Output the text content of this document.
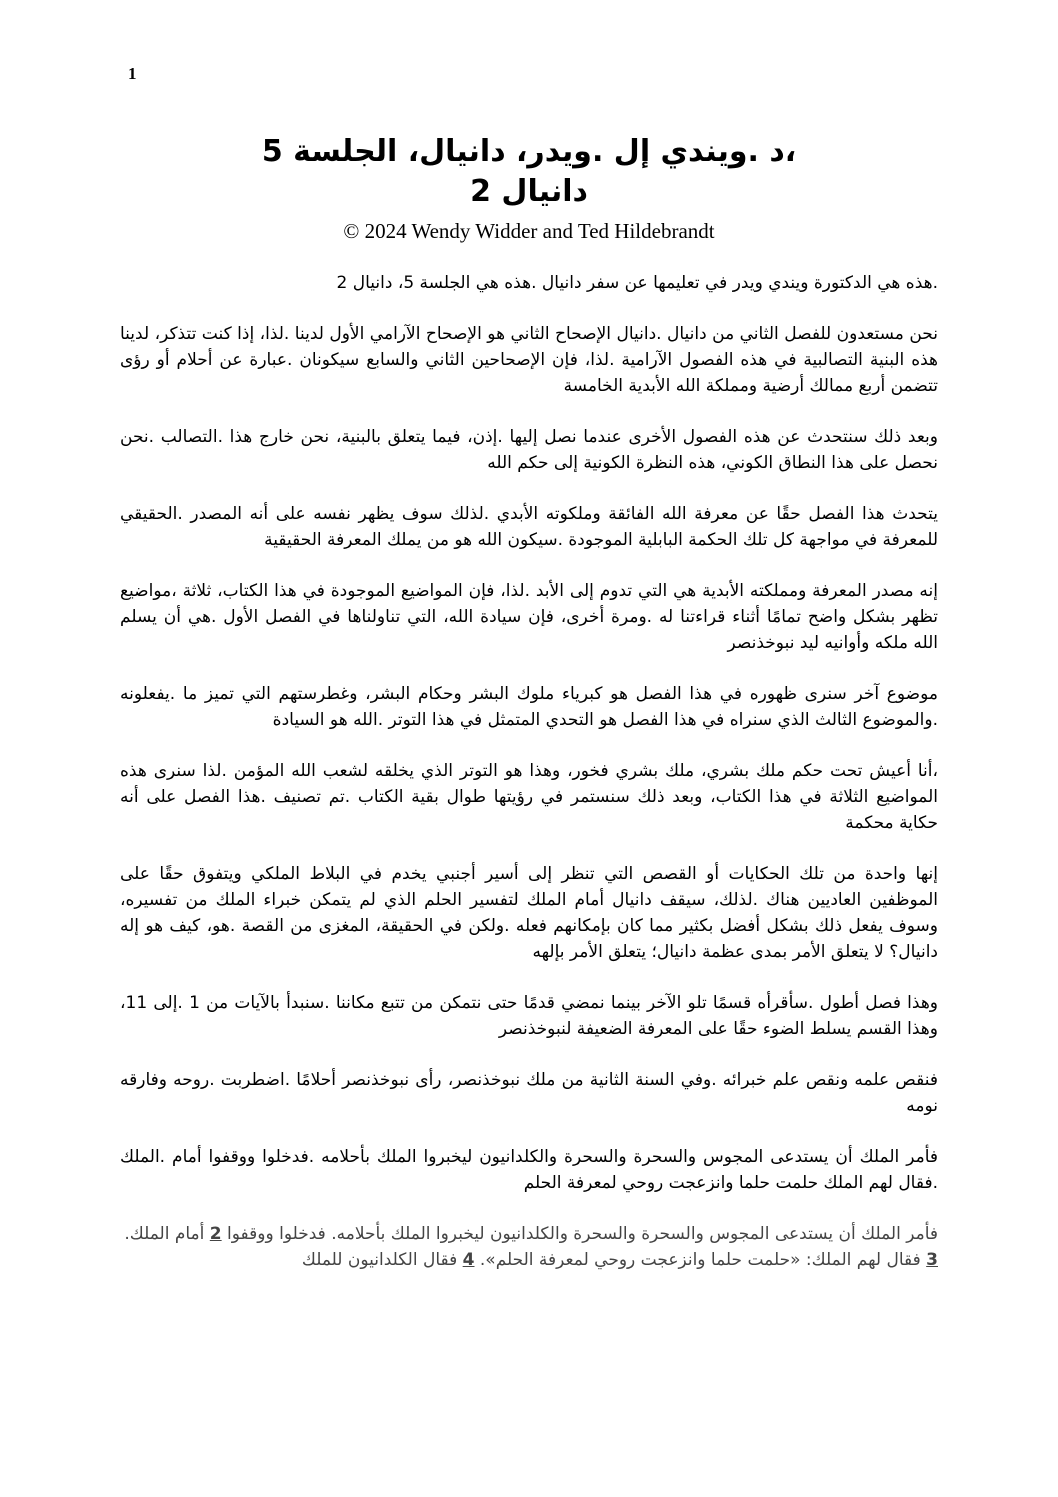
1
،د .ويندي إل .ويدر، دانيال، الجلسة 5
دانيال 2
© 2024 Wendy Widder and Ted Hildebrandt

.هذه هي الدكتورة ويندي ويدر في تعليمها عن سفر دانيال .هذه هي الجلسة 5، دانيال 2

نحن مستعدون للفصل الثاني من دانيال .دانيال الإصحاح الثاني هو الإصحاح الآرامي الأول لدينا .لذا، إذا كنت تتذكر، لدينا هذه البنية التصالبية في هذه الفصول الآرامية .لذا، فإن الإصحاحين الثاني والسابع سيكونان .عبارة عن أحلام أو رؤى تتضمن أربع ممالك أرضية ومملكة الله الأبدية الخامسة

وبعد ذلك سنتحدث عن هذه الفصول الأخرى عندما نصل إليها .إذن، فيما يتعلق بالبنية، نحن خارج هذا .التصالب .نحن نحصل على هذا النطاق الكوني، هذه النظرة الكونية إلى حكم الله

يتحدث هذا الفصل حقًا عن معرفة الله الفائقة وملكوته الأبدي .لذلك سوف يظهر نفسه على أنه المصدر .الحقيقي للمعرفة في مواجهة كل تلك الحكمة البابلية الموجودة .سيكون الله هو من يملك المعرفة الحقيقية

إنه مصدر المعرفة ومملكته الأبدية هي التي تدوم إلى الأبد .لذا، فإن المواضيع الموجودة في هذا الكتاب، ثلاثة ،مواضيع تظهر بشكل واضح تمامًا أثناء قراءتنا له .ومرة أخرى، فإن سيادة الله، التي تناولناها في الفصل الأول .هي أن يسلم الله ملكه وأوانيه ليد نبوخذنصر

موضوع آخر سنرى ظهوره في هذا الفصل هو كبرياء ملوك البشر وحكام البشر، وغطرستهم التي تميز ما .يفعلونه .والموضوع الثالث الذي سنراه في هذا الفصل هو التحدي المتمثل في هذا التوتر .الله هو السيادة

،أنا أعيش تحت حكم ملك بشري، ملك بشري فخور، وهذا هو التوتر الذي يخلقه لشعب الله المؤمن .لذا سنرى هذه المواضيع الثلاثة في هذا الكتاب، وبعد ذلك سنستمر في رؤيتها طوال بقية الكتاب .تم تصنيف .هذا الفصل على أنه حكاية محكمة

إنها واحدة من تلك الحكايات أو القصص التي تنظر إلى أسير أجنبي يخدم في البلاط الملكي ويتفوق حقًا على الموظفين العاديين هناك .لذلك، سيقف دانيال أمام الملك لتفسير الحلم الذي لم يتمكن خبراء الملك من تفسيره، وسوف يفعل ذلك بشكل أفضل بكثير مما كان بإمكانهم فعله .ولكن في الحقيقة، المغزى من القصة .هو، كيف هو إله دانيال؟ لا يتعلق الأمر بمدى عظمة دانيال؛ يتعلق الأمر بإلهه

وهذا فصل أطول .سأقرأه قسمًا تلو الآخر بينما نمضي قدمًا حتى نتمكن من تتبع مكاننا .سنبدأ بالآيات من 1 .إلى 11، وهذا القسم يسلط الضوء حقًا على المعرفة الضعيفة لنبوخذنصر

فنقص علمه ونقص علم خبرائه .وفي السنة الثانية من ملك نبوخذنصر، رأى نبوخذنصر أحلامًا .اضطربت .روحه وفارقه نومه

فأمر الملك أن يستدعى المجوس والسحرة والسحرة والكلدانيون ليخبروا الملك بأحلامه .فدخلوا ووقفوا أمام .الملك .فقال لهم الملك حلمت حلما وانزعجت روحي لمعرفة الحلم

فأمر الملك أن يستدعى المجوس والسحرة والسحرة والكلدانيون ليخبروا الملك بأحلامه. فدخلوا ووقفوا 2 أمام الملك. 3 فقال لهم الملك: «حلمت حلما وانزعجت روحي لمعرفة الحلم». 4 فقال الكلدانيون للملك
